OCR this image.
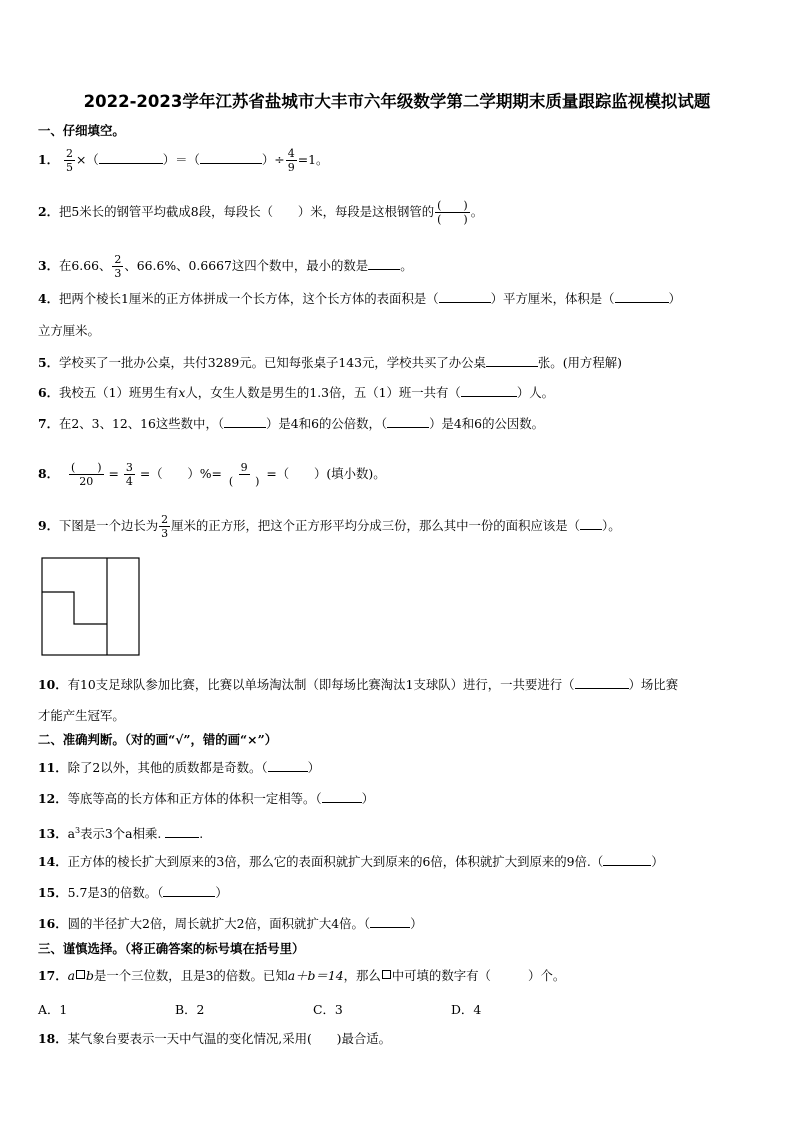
2022-2023学年江苏省盐城市大丰市六年级数学第二学期期末质量跟踪监视模拟试题
一、仔细填空。
1． $\frac{2}{5}$ ×（	）＝（	）÷ $\frac{4}{9} =1$。
2．把5米长的钢管平均截成8段，每段长（　　）米，每段是这根钢管的 $\frac{( )}{( )}$ 。
3．在6.66、 $\frac{2}{3}$ 、66.6%、0.6667这四个数中，最小的数是	。
4．把两个棱长1厘米的正方体拼成一个长方体，这个长方体的表面积是（	）平方厘米，体积是（	）
立方厘米。
5．学校买了一批办公桌，共付3289元。已知每张桌子143元，学校共买了办公桌	张。(用方程解)
6．我校五（1）班男生有x人，女生人数是男生的1.3倍，五（1）班一共有（	）人。
7．在2、3、12、16这些数中，（	）是4和6的公倍数，（	）是4和6的公因数。
8． $\frac{( )}{20} = \frac{3}{4}$ =（　　）%= $\frac{9}{( )}$ =（　　）(填小数)。
9．下图是一个边长为 $\frac{2}{3}$ 厘米的正方形，把这个正方形平均分成三份，那么其中一份的面积应该是（ ）。
10．有10支足球队参加比赛，比赛以单场淘汰制（即每场比赛淘汰1支球队）进行，一共要进行（	）场比赛
才能产生冠军。
二、准确判断。（对的画“√”，错的画“×”）
11．除了2以外，其他的质数都是奇数。（	）
12．等底等高的长方体和正方体的体积一定相等。（	）
13．$a^3$表示3个a相乘.	.
14．正方体的棱长扩大到原来的3倍，那么它的表面积就扩大到原来的6倍，体积就扩大到原来的9倍.（	）
15．5.7是3的倍数。（	）
16．圆的半径扩大2倍，周长就扩大2倍，面积就扩大4倍。（	）
三、谨慎选择。（将正确答案的标号填在括号里）
17．a b是一个三位数，且是3的倍数。已知a＋b＝14，那么 中可填的数字有（　　　）个。
A．1	B．2	C．3	D．4
18．某气象台要表示一天中气温的变化情况,采用(　　)最合适。
